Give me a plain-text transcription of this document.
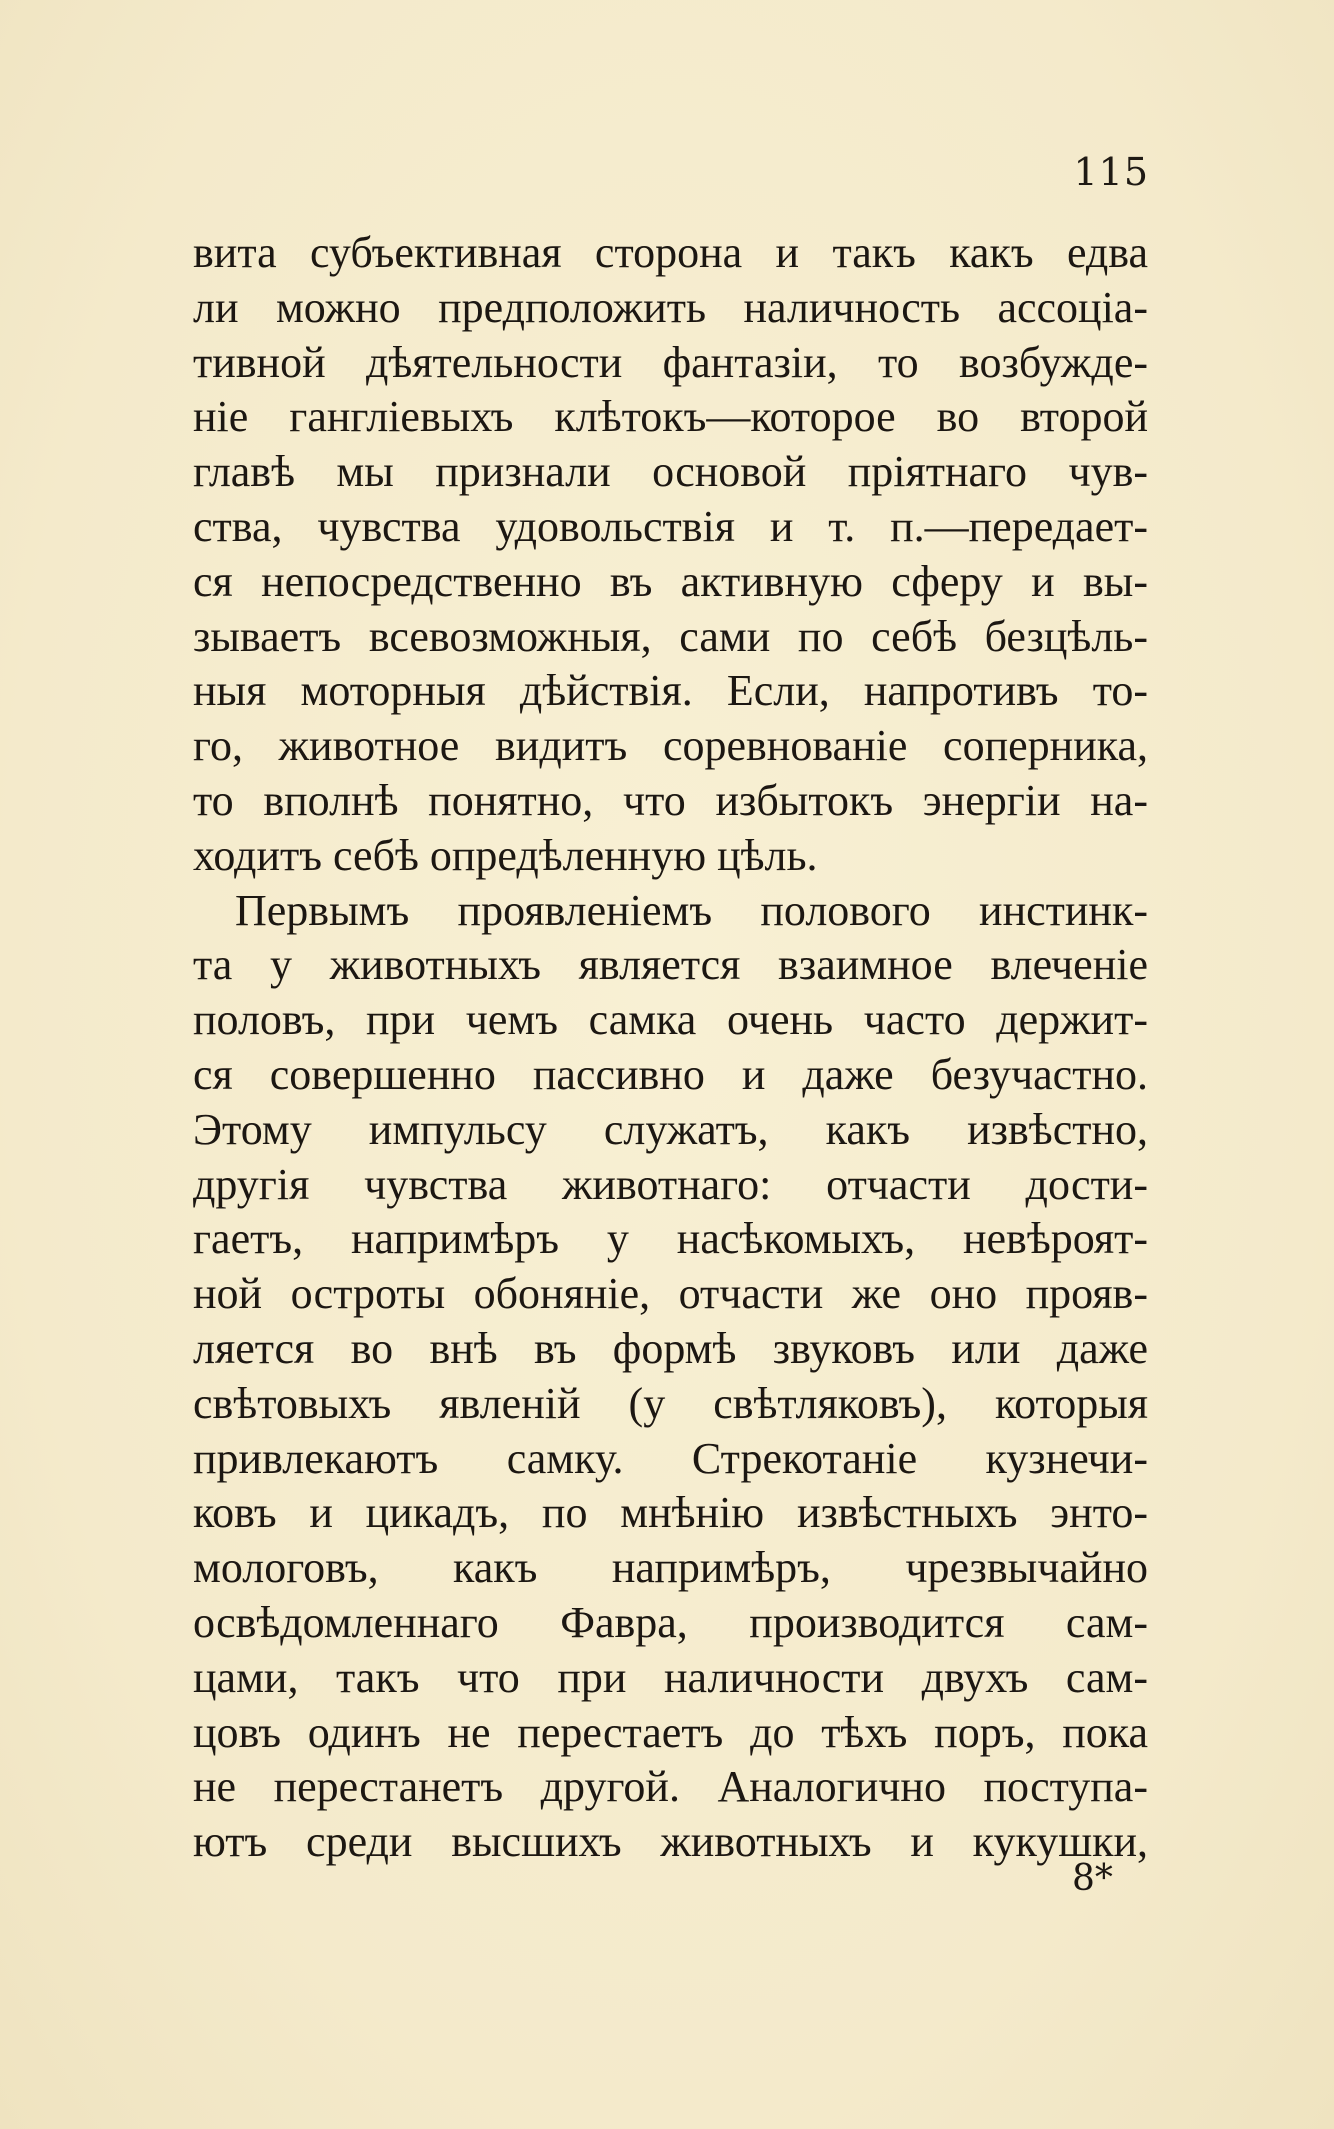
115
вита субъективная сторона и такъ какъ едва
ли можно предположить наличность ассоціа-
тивной дѣятельности фантазіи, то возбужде-
ніе гангліевыхъ клѣтокъ—которое во второй
главѣ мы признали основой пріятнаго чув-
ства, чувства удовольствія и т. п.—передает-
ся непосредственно въ активную сферу и вы-
зываетъ всевозможныя, сами по себѣ безцѣль-
ныя моторныя дѣйствія. Если, напротивъ то-
го, животное видитъ соревнованіе соперника,
то вполнѣ понятно, что избытокъ энергіи на-
ходитъ себѣ опредѣленную цѣль.
Первымъ проявленіемъ полового инстинк-
та у животныхъ является взаимное влеченіе
половъ, при чемъ самка очень часто держит-
ся совершенно пассивно и даже безучастно.
Этому импульсу служатъ, какъ извѣстно,
другія чувства животнаго: отчасти дости-
гаетъ, напримѣръ у насѣкомыхъ, невѣроят-
ной остроты обоняніе, отчасти же оно прояв-
ляется во внѣ въ формѣ звуковъ или даже
свѣтовыхъ явленій (у свѣтляковъ), которыя
привлекаютъ самку. Стрекотаніе кузнечи-
ковъ и цикадъ, по мнѣнію извѣстныхъ энто-
мологовъ, какъ напримѣръ, чрезвычайно
освѣдомленнаго Фавра, производится сам-
цами, такъ что при наличности двухъ сам-
цовъ одинъ не перестаетъ до тѣхъ поръ, пока
не перестанетъ другой. Аналогично поступа-
ютъ среди высшихъ животныхъ и кукушки,
8*
